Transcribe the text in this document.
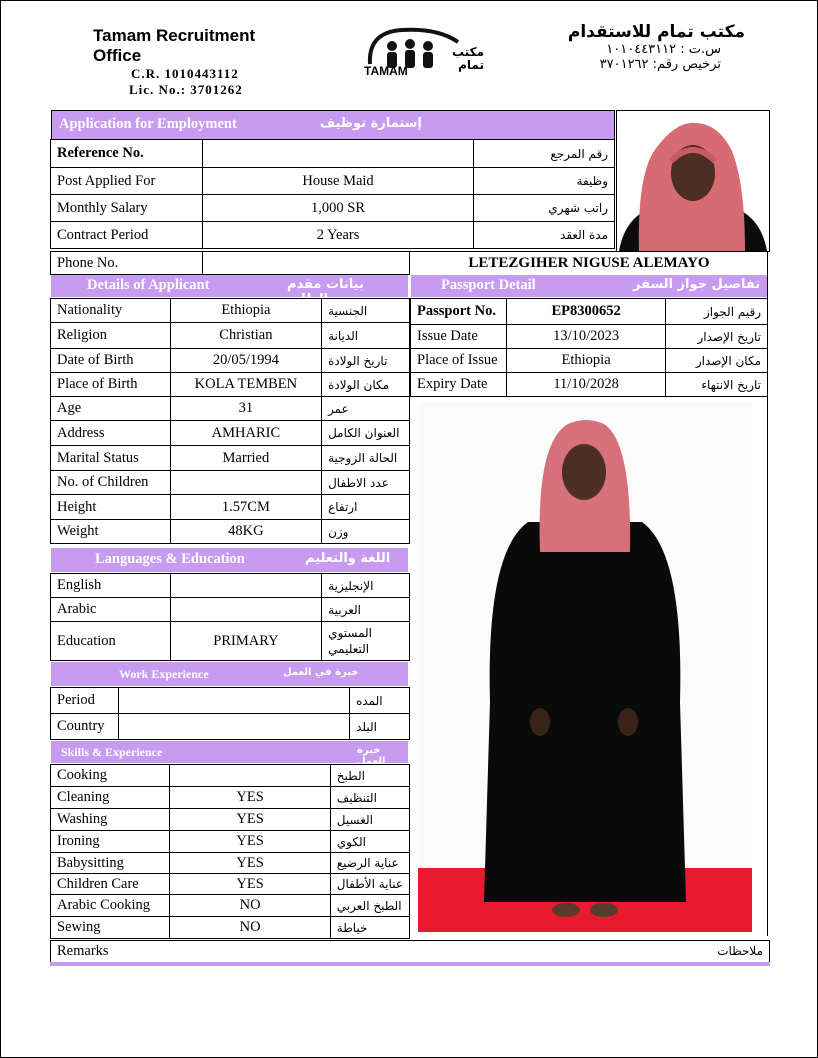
Tamam Recruitment Office
C.R. 1010443112
Lic. No.: 3701262
مكتب تمام
TAMAM
مكتب تمام للاستقدام
س.ت : ١٠١٠٤٤٣١١٢
ترخيص رقم: ٣٧٠١٢٦٢
Application for Employment	إستمارة توظيف
Reference No.		رقم المرجع
Post Applied For	House Maid	وظيفة
Monthly Salary	1,000 SR	راتب شهري
Contract Period	2 Years	مدة العقد
Phone No.		LETEZGIHER NIGUSE ALEMAYO
Details of Applicant	بيانات مقدم الطلب
Nationality	Ethiopia	الجنسية
Religion	Christian	الديانة
Date of Birth	20/05/1994	تاريخ الولادة
Place of Birth	KOLA TEMBEN	مكان الولادة
Age	31	عمر
Address	AMHARIC	العنوان الكامل
Marital Status	Married	الحالة الزوجية
No. of Children		عدد الاطفال
Height	1.57CM	ارتفاع
Weight	48KG	وزن
Passport Detail	تفاصيل جواز السفر
Passport No.	EP8300652	رقيم الجواز
Issue Date	13/10/2023	تاريخ الإصدار
Place of Issue	Ethiopia	مكان الإصدار
Expiry Date	11/10/2028	تاريخ الانتهاء
Languages & Education	اللغة والتعليم
English		الإنجليزية
Arabic		العربية
Education	PRIMARY	المستوي التعليمي
Work Experience	خبرة في العمل
Period		المده
Country		البلد
Skills & Experience	خبرة العمل
Cooking		الطبخ
Cleaning	YES	التنظيف
Washing	YES	الغسيل
Ironing	YES	الكوي
Babysitting	YES	عناية الرضيع
Children Care	YES	عناية الأطفال
Arabic Cooking	NO	الطبخ العربي
Sewing	NO	خياطة
Remarks	ملاحظات
